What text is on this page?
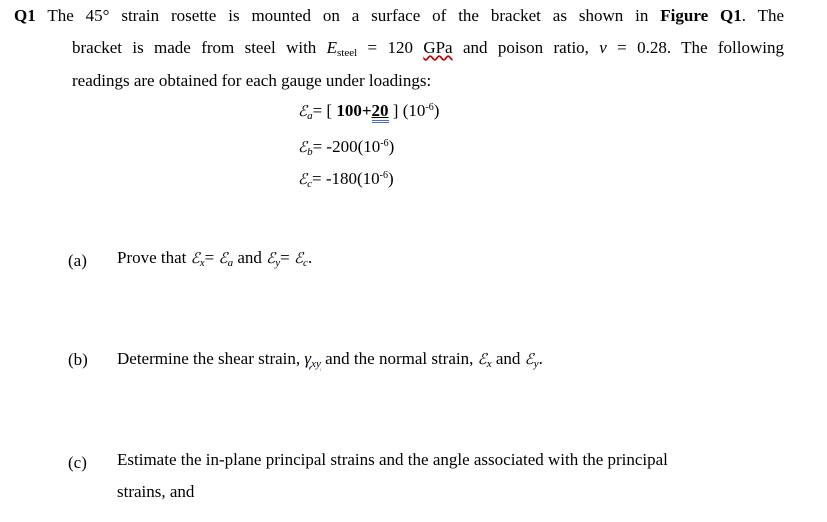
Q1 The 45° strain rosette is mounted on a surface of the bracket as shown in Figure Q1. The
bracket is made from steel with $E_{steel} = 120$ GPa and poison ratio, v = 0.28. The following
readings are obtained for each gauge under loadings:
ℰ$_a$= [ 100+20 ] $(10^{-6})$
ℰ$_b$= $-200(10^{-6})$
ℰ$_c$= $-180(10^{-6})$
(a) Prove that ℰ$_x$= ℰ$_a$ and ℰ$_y$= ℰ$_c$.
(b) Determine the shear strain, $\gamma_{xy}$ and the normal strain, ℰ$_x$ and ℰ$_y$.
(c) Estimate the in-plane principal strains and the angle associated with the principal
strains, and
